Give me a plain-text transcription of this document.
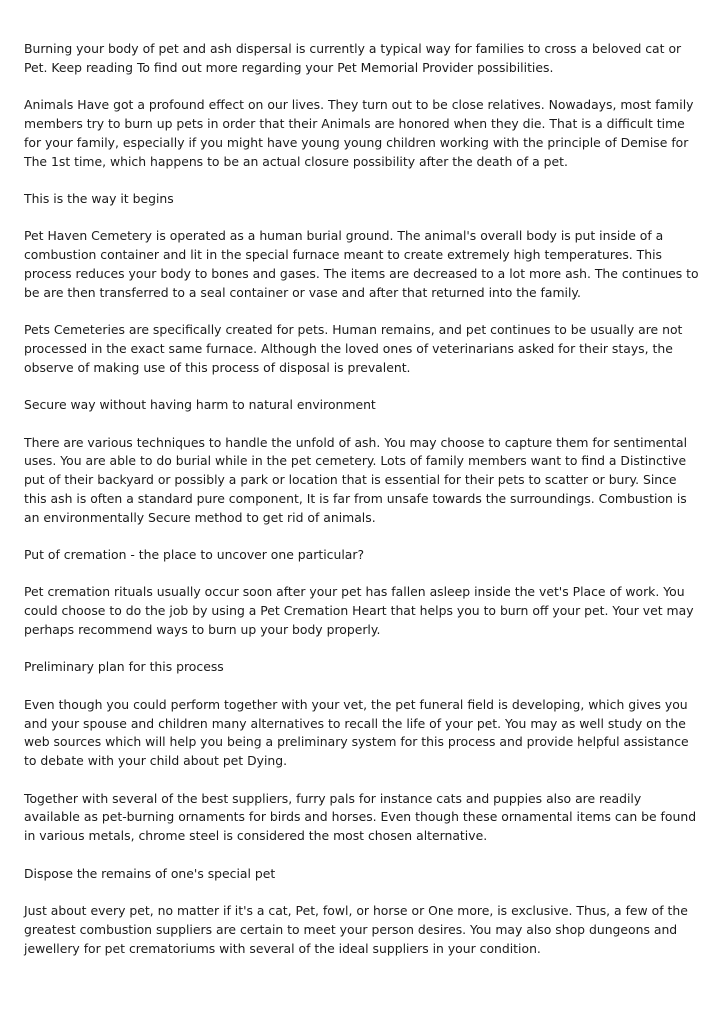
Burning your body of pet and ash dispersal is currently a typical way for families to cross a beloved cat or Pet. Keep reading To find out more regarding your Pet Memorial Provider possibilities.

Animals Have got a profound effect on our lives. They turn out to be close relatives. Nowadays, most family members try to burn up pets in order that their Animals are honored when they die. That is a difficult time for your family, especially if you might have young young children working with the principle of Demise for The 1st time, which happens to be an actual closure possibility after the death of a pet.

This is the way it begins

Pet Haven Cemetery is operated as a human burial ground. The animal's overall body is put inside of a combustion container and lit in the special furnace meant to create extremely high temperatures. This process reduces your body to bones and gases. The items are decreased to a lot more ash. The continues to be are then transferred to a seal container or vase and after that returned into the family.

Pets Cemeteries are specifically created for pets. Human remains, and pet continues to be usually are not processed in the exact same furnace. Although the loved ones of veterinarians asked for their stays, the observe of making use of this process of disposal is prevalent.

Secure way without having harm to natural environment

There are various techniques to handle the unfold of ash. You may choose to capture them for sentimental uses. You are able to do burial while in the pet cemetery. Lots of family members want to find a Distinctive put of their backyard or possibly a park or location that is essential for their pets to scatter or bury. Since this ash is often a standard pure component, It is far from unsafe towards the surroundings. Combustion is an environmentally Secure method to get rid of animals.

Put of cremation - the place to uncover one particular?

Pet cremation rituals usually occur soon after your pet has fallen asleep inside the vet's Place of work. You could choose to do the job by using a Pet Cremation Heart that helps you to burn off your pet. Your vet may perhaps recommend ways to burn up your body properly.

Preliminary plan for this process

Even though you could perform together with your vet, the pet funeral field is developing, which gives you and your spouse and children many alternatives to recall the life of your pet. You may as well study on the web sources which will help you being a preliminary system for this process and provide helpful assistance to debate with your child about pet Dying.

Together with several of the best suppliers, furry pals for instance cats and puppies also are readily available as pet-burning ornaments for birds and horses. Even though these ornamental items can be found in various metals, chrome steel is considered the most chosen alternative.

Dispose the remains of one's special pet

Just about every pet, no matter if it's a cat, Pet, fowl, or horse or One more, is exclusive. Thus, a few of the greatest combustion suppliers are certain to meet your person desires. You may also shop dungeons and jewellery for pet crematoriums with several of the ideal suppliers in your condition.
